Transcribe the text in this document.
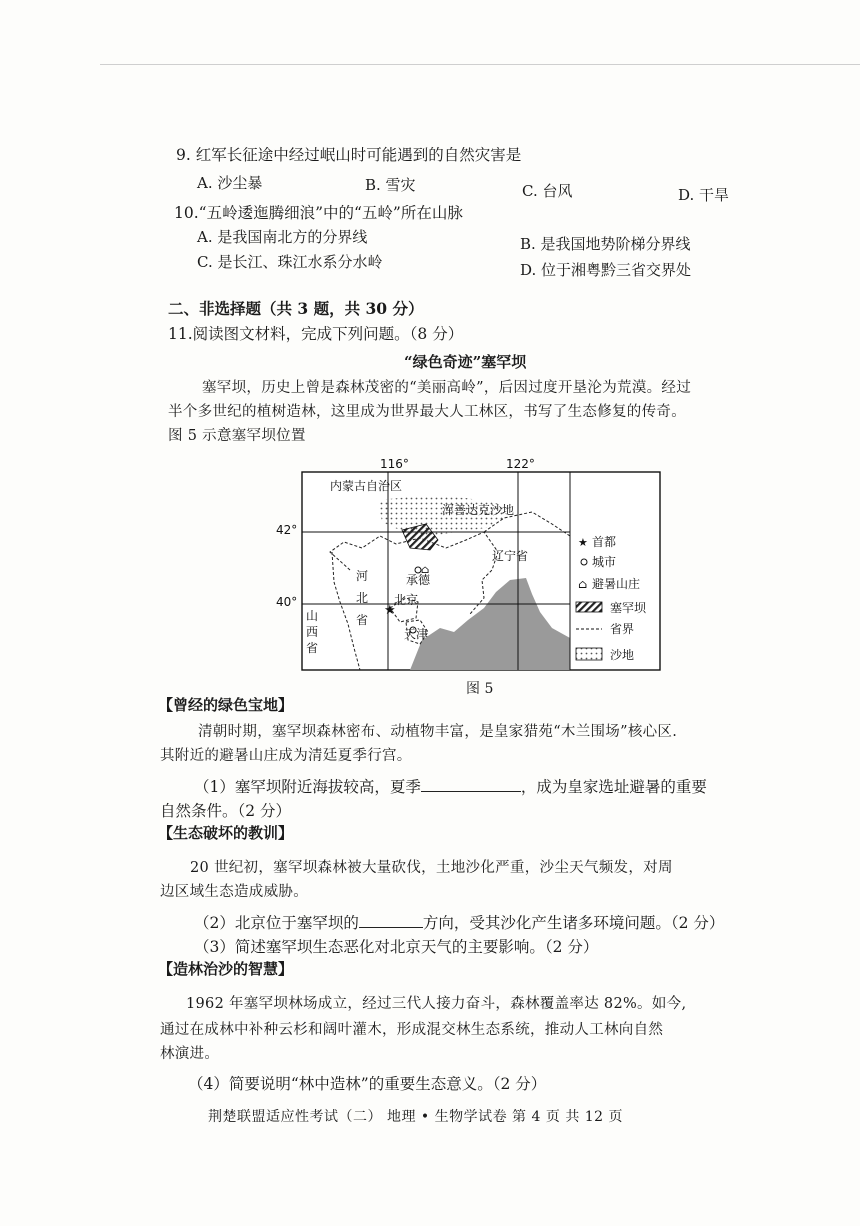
9. 红军长征途中经过岷山时可能遇到的自然灾害是
A. 沙尘暴	B. 雪灾	C. 台风	D. 干旱
10.“五岭逶迤腾细浪”中的“五岭”所在山脉
A. 是我国南北方的分界线	B. 是我国地势阶梯分界线
C. 是长江、珠江水系分水岭	D. 位于湘粤黔三省交界处
二、非选择题（共 3 题，共 30 分）
11.阅读图文材料，完成下列问题。（8 分）
“绿色奇迹”塞罕坝
塞罕坝，历史上曾是森林茂密的“美丽高岭”，后因过度开垦沦为荒漠。经过
半个多世纪的植树造林，这里成为世界最大人工林区，书写了生态修复的传奇。
图 5 示意塞罕坝位置
116°	122°
42°
40°
★
⌂
内蒙古自治区
浑善达克沙地
辽宁省
河
北
省
山
西
省
承德
北京
天津
★ 首都
城市
⌂ 避暑山庄
塞罕坝
省界
沙地
图 5
【曾经的绿色宝地】
清朝时期，塞罕坝森林密布、动植物丰富，是皇家猎苑“木兰围场”核心区.
其附近的避暑山庄成为清廷夏季行宫。
（1）塞罕坝附近海拔较高，夏季	，成为皇家选址避暑的重要
自然条件。（2 分）
【生态破坏的教训】
20 世纪初，塞罕坝森林被大量砍伐，土地沙化严重，沙尘天气频发，对周
边区域生态造成威胁。
（2）北京位于塞罕坝的	方向，受其沙化产生诸多环境问题。（2 分）
（3）简述塞罕坝生态恶化对北京天气的主要影响。（2 分）
【造林治沙的智慧】
1962 年塞罕坝林场成立，经过三代人接力奋斗，森林覆盖率达 82%。如今,
通过在成林中补种云杉和阔叶灌木，形成混交林生态系统，推动人工林向自然
林演进。
（4）简要说明“林中造林”的重要生态意义。（2 分）
荆楚联盟适应性考试（二） 地理 • 生物学试卷 第 4 页 共 12 页
